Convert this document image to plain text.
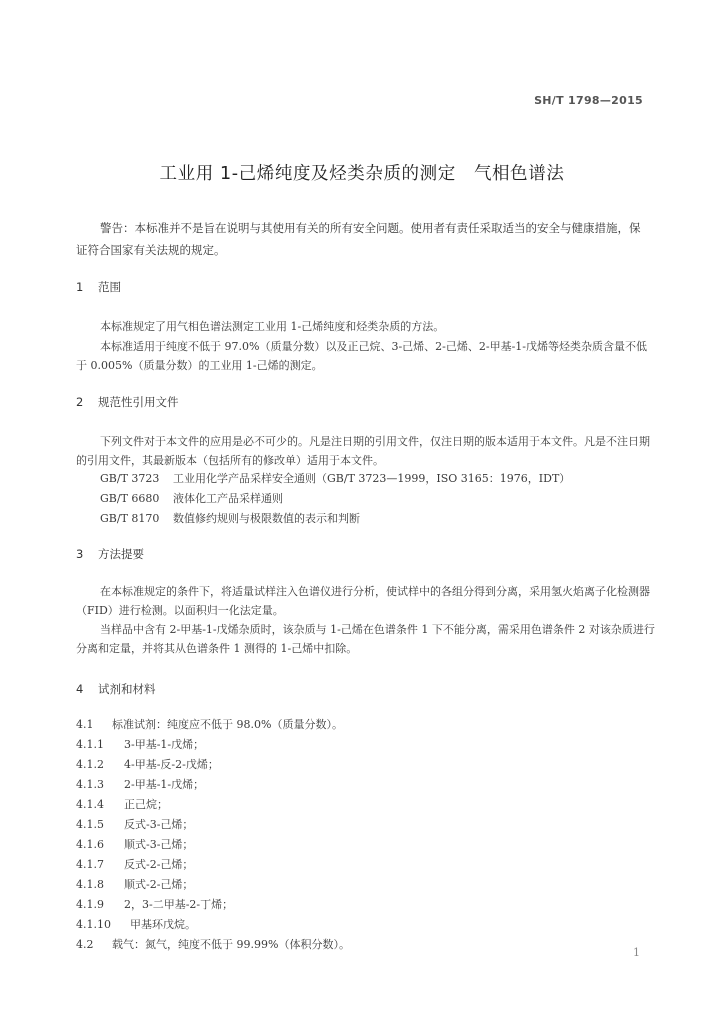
SH/T 1798—2015
工业用 1-己烯纯度及烃类杂质的测定　气相色谱法
警告：本标准并不是旨在说明与其使用有关的所有安全问题。使用者有责任采取适当的安全与健康措施，保证符合国家有关法规的规定。
1 范围
本标准规定了用气相色谱法测定工业用 1-己烯纯度和烃类杂质的方法。
本标准适用于纯度不低于 97.0%（质量分数）以及正己烷、3-己烯、2-己烯、2-甲基-1-戊烯等烃类杂质含量不低于 0.005%（质量分数）的工业用 1-己烯的测定。
2 规范性引用文件
下列文件对于本文件的应用是必不可少的。凡是注日期的引用文件，仅注日期的版本适用于本文件。凡是不注日期的引用文件，其最新版本（包括所有的修改单）适用于本文件。
GB/T 3723 工业用化学产品采样安全通则（GB/T 3723—1999，ISO 3165：1976，IDT）
GB/T 6680 液体化工产品采样通则
GB/T 8170 数值修约规则与极限数值的表示和判断
3 方法提要
在本标准规定的条件下，将适量试样注入色谱仪进行分析，使试样中的各组分得到分离，采用氢火焰离子化检测器（FID）进行检测。以面积归一化法定量。
当样品中含有 2-甲基-1-戊烯杂质时，该杂质与 1-己烯在色谱条件 1 下不能分离，需采用色谱条件 2 对该杂质进行分离和定量，并将其从色谱条件 1 测得的 1-己烯中扣除。
4 试剂和材料
4.1 标准试剂：纯度应不低于 98.0%（质量分数）。
4.1.1 3-甲基-1-戊烯；
4.1.2 4-甲基-反-2-戊烯；
4.1.3 2-甲基-1-戊烯；
4.1.4 正己烷；
4.1.5 反式-3-己烯；
4.1.6 顺式-3-己烯；
4.1.7 反式-2-己烯；
4.1.8 顺式-2-己烯；
4.1.9 2，3-二甲基-2-丁烯；
4.1.10 甲基环戊烷。
4.2 载气：氮气，纯度不低于 99.99%（体积分数）。
1
